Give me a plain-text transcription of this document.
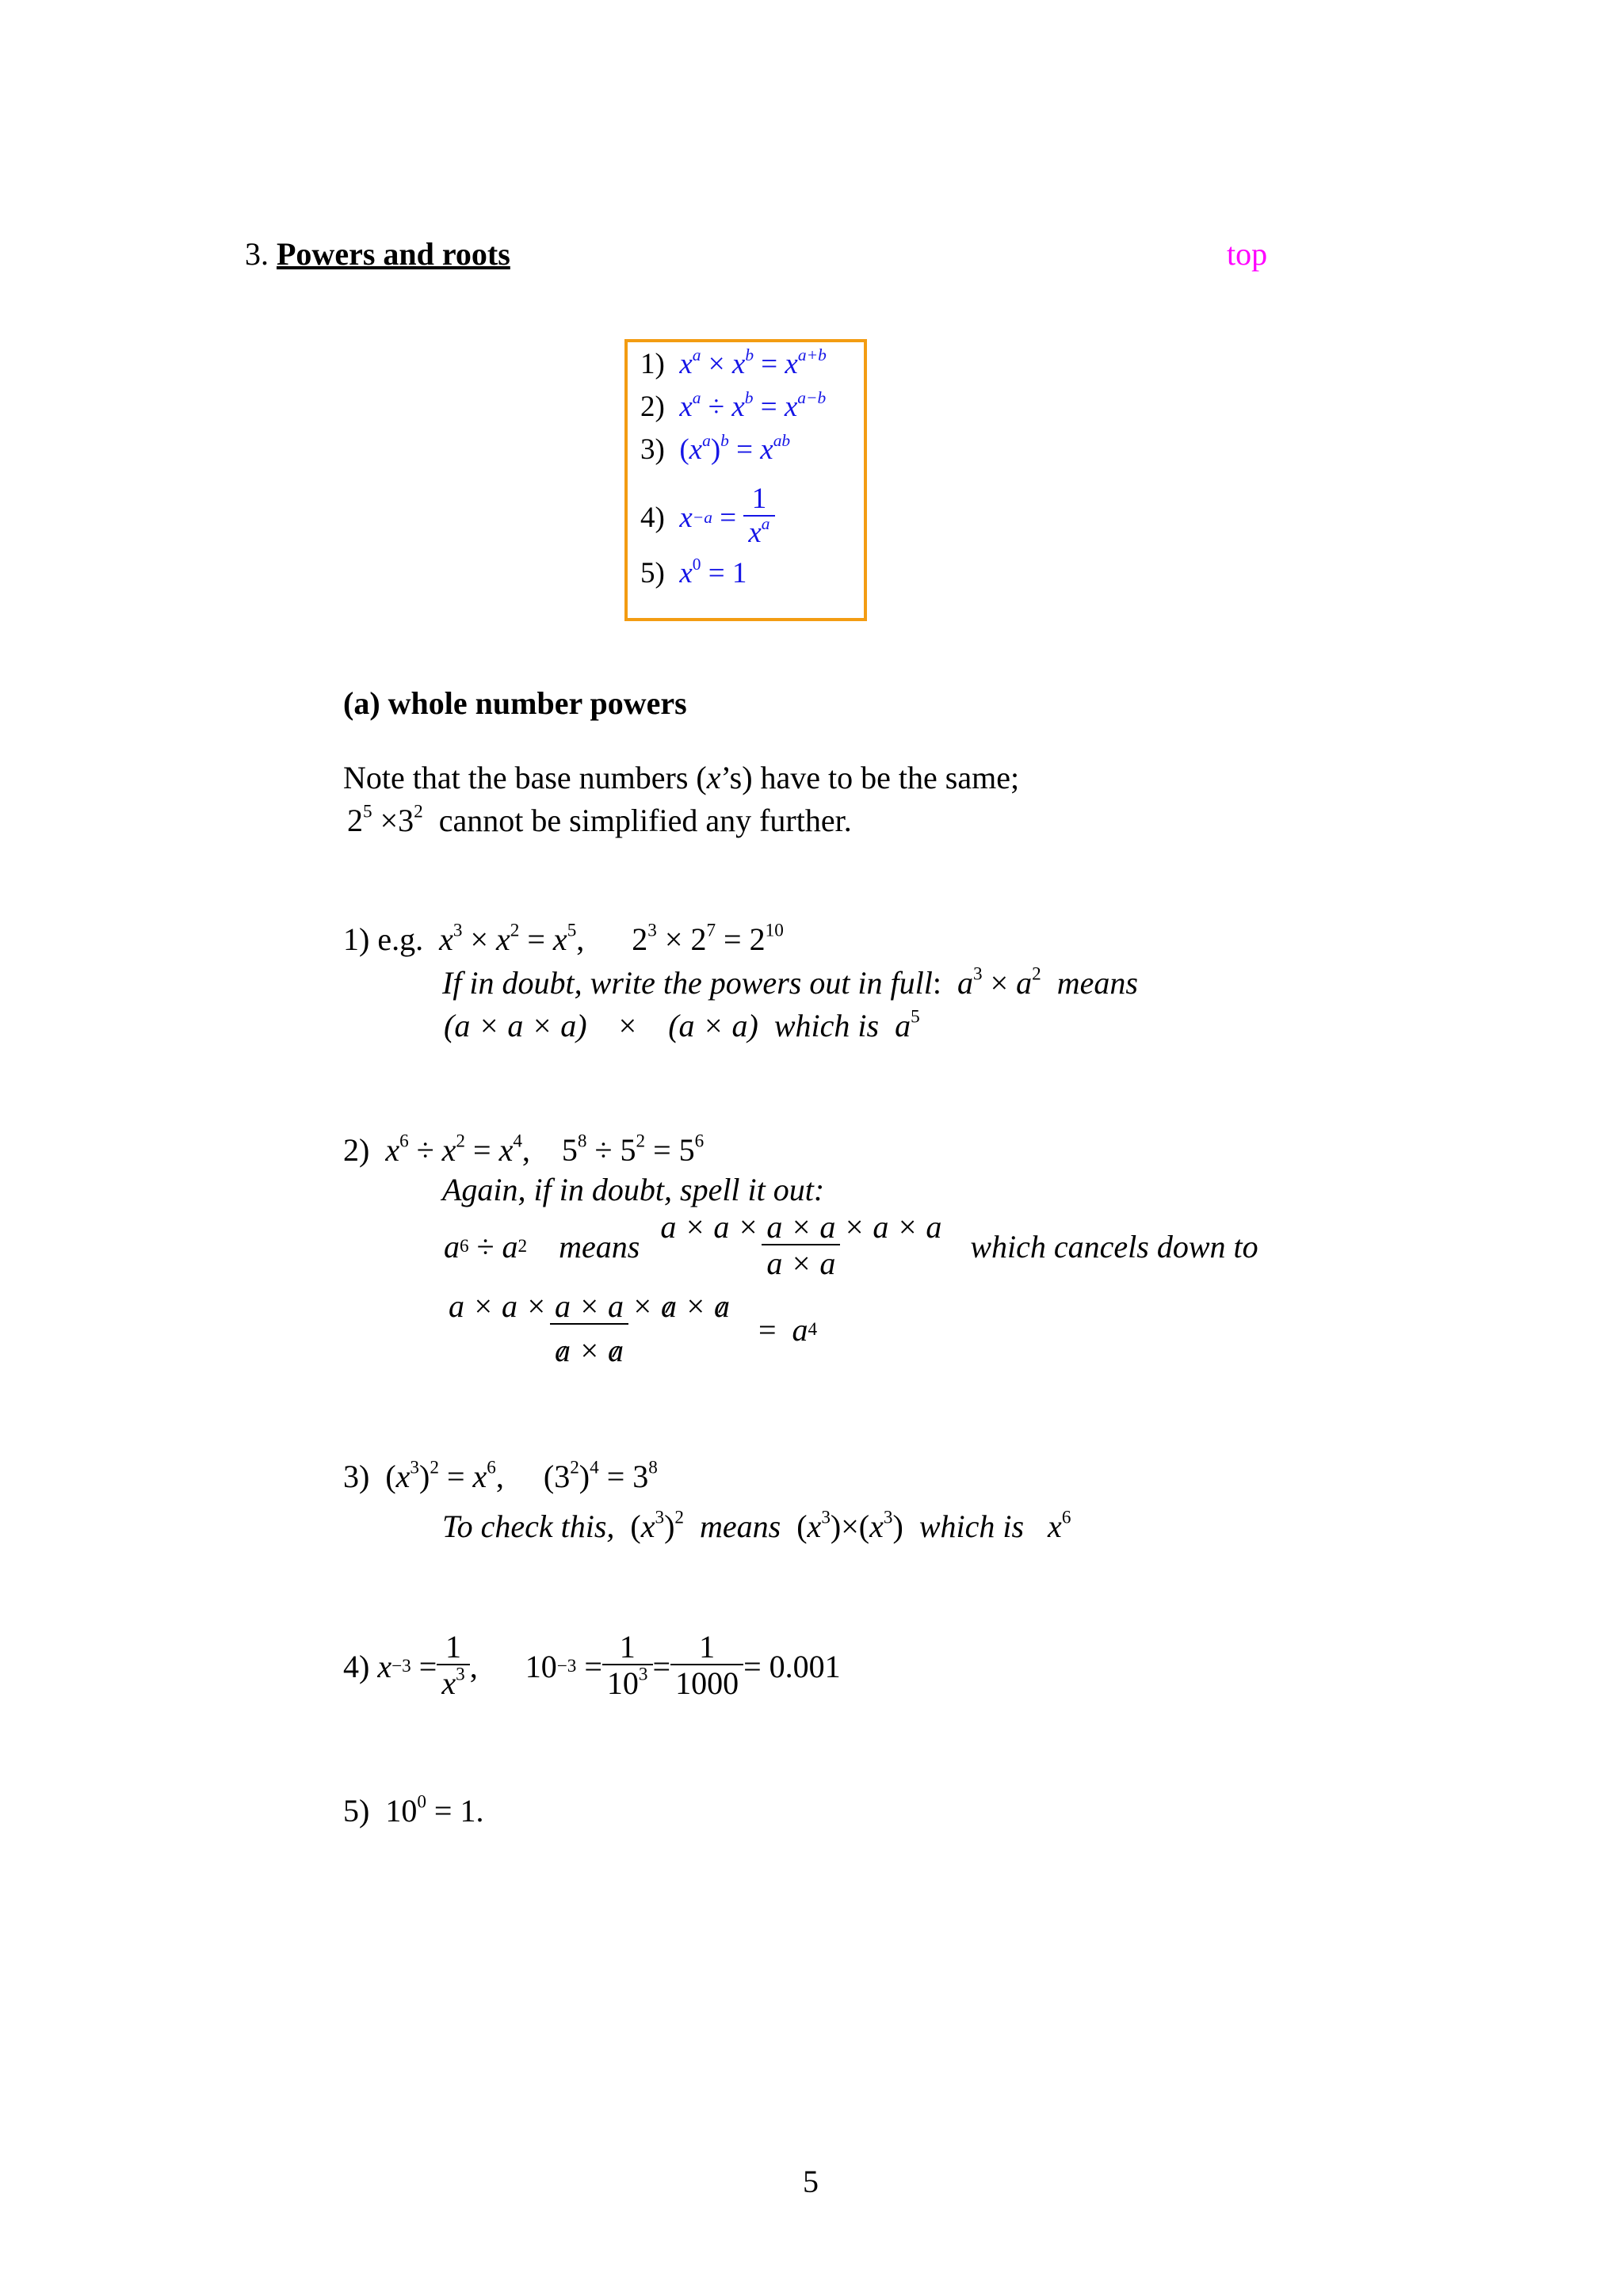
3. Powers and roots	top
1) $x^a \times x^b = x^{a+b}$
2) $x^a \div x^b = x^{a-b}$
3) $(x^a)^b = x^{ab}$
4)
x −a
=
$\frac{1}{x^a}$
5) $x^0 = 1$
(a) whole number powers
Note that the base numbers (x’s) have to be the same;
$2^5 \times 3^2$ cannot be simplified any further.
1) e.g. $x^3 \times x^2 = x^5$, $2^3 \times 2^7 = 2^{10}$
If in doubt, write the powers out in full: $a^3 \times a^2$ means
(a × a × a) × (a × a) which is $a^5$
2) $x^6 \div x^2 = x^4$, $5^8 \div 5^2 = 5^6$
Again, if in doubt, spell it out:
a 6
÷
a 2
means
$\frac{a \times a \times a \times a \times a \times a}{a \times a}$
which cancels down to
$\frac{a \times a \times a \times a \times a \times a}{a \times a}$
=
a 4
3) $(x^3)^2 = x^6$, $(3^2)^4 = 3^8$
To check this, $(x^3)^2$ means $(x^3)\times(x^3)$ which is $x^6$
4)
x −3
= $\frac{1}{x^3}$ ,
10 −3
= $\frac{1}{10^3} = \frac{1}{1000}$ =
0.001
5) $10^0 = 1$.
5
